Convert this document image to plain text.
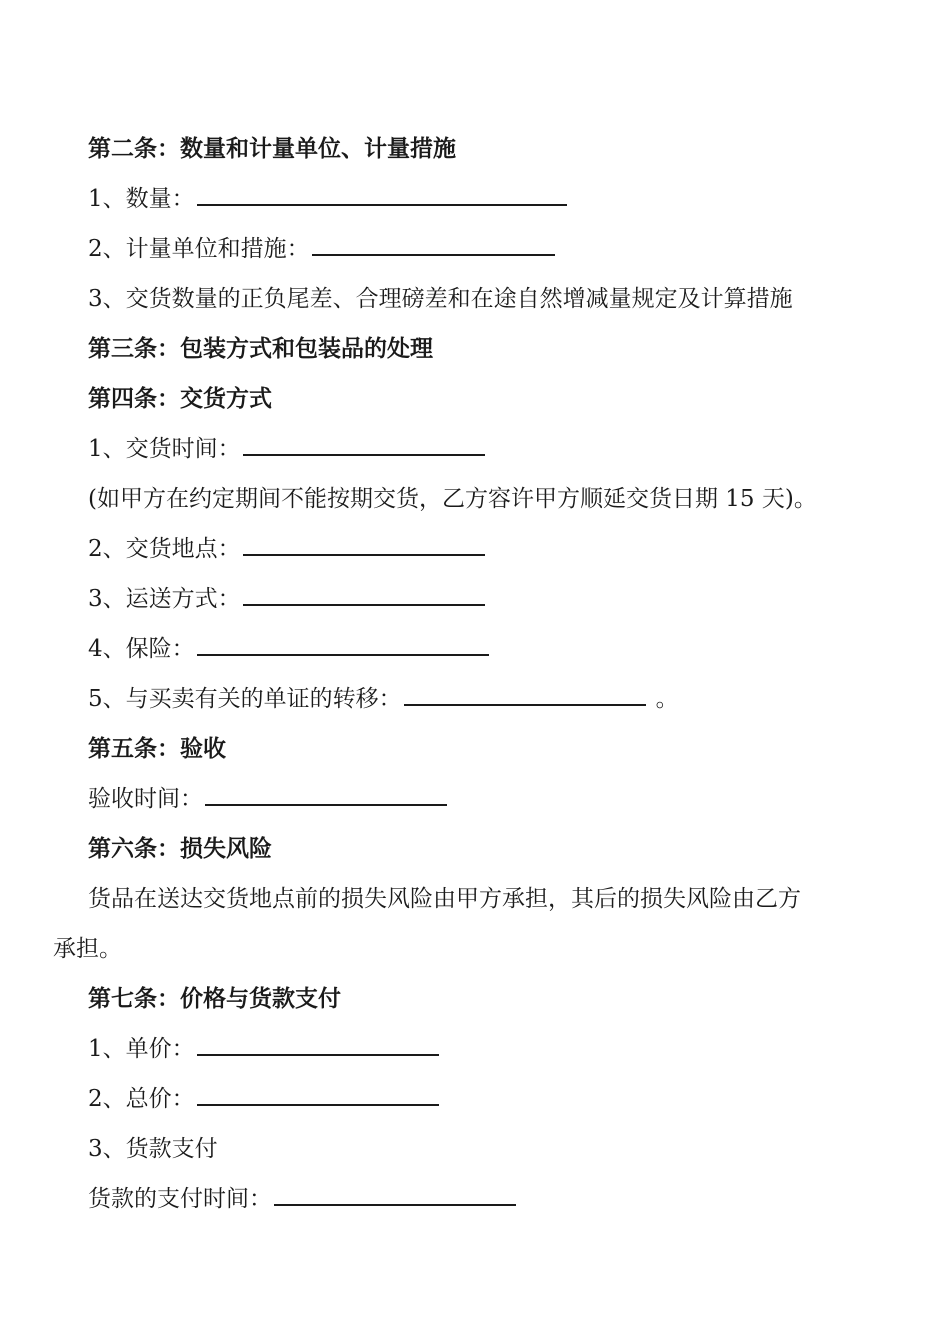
第二条：数量和计量单位、计量措施
1、数量：
2、计量单位和措施：
3、交货数量的正负尾差、合理磅差和在途自然增减量规定及计算措施
第三条：包装方式和包装品的处理
第四条：交货方式
1、交货时间：
(如甲方在约定期间不能按期交货，乙方容许甲方顺延交货日期 15 天)。
2、交货地点：
3、运送方式：
4、保险：
5、与买卖有关的单证的转移：	。
第五条：验收
验收时间：
第六条：损失风险
货品在送达交货地点前的损失风险由甲方承担，其后的损失风险由乙方
承担。
第七条：价格与货款支付
1、单价：
2、总价：
3、货款支付
货款的支付时间：
